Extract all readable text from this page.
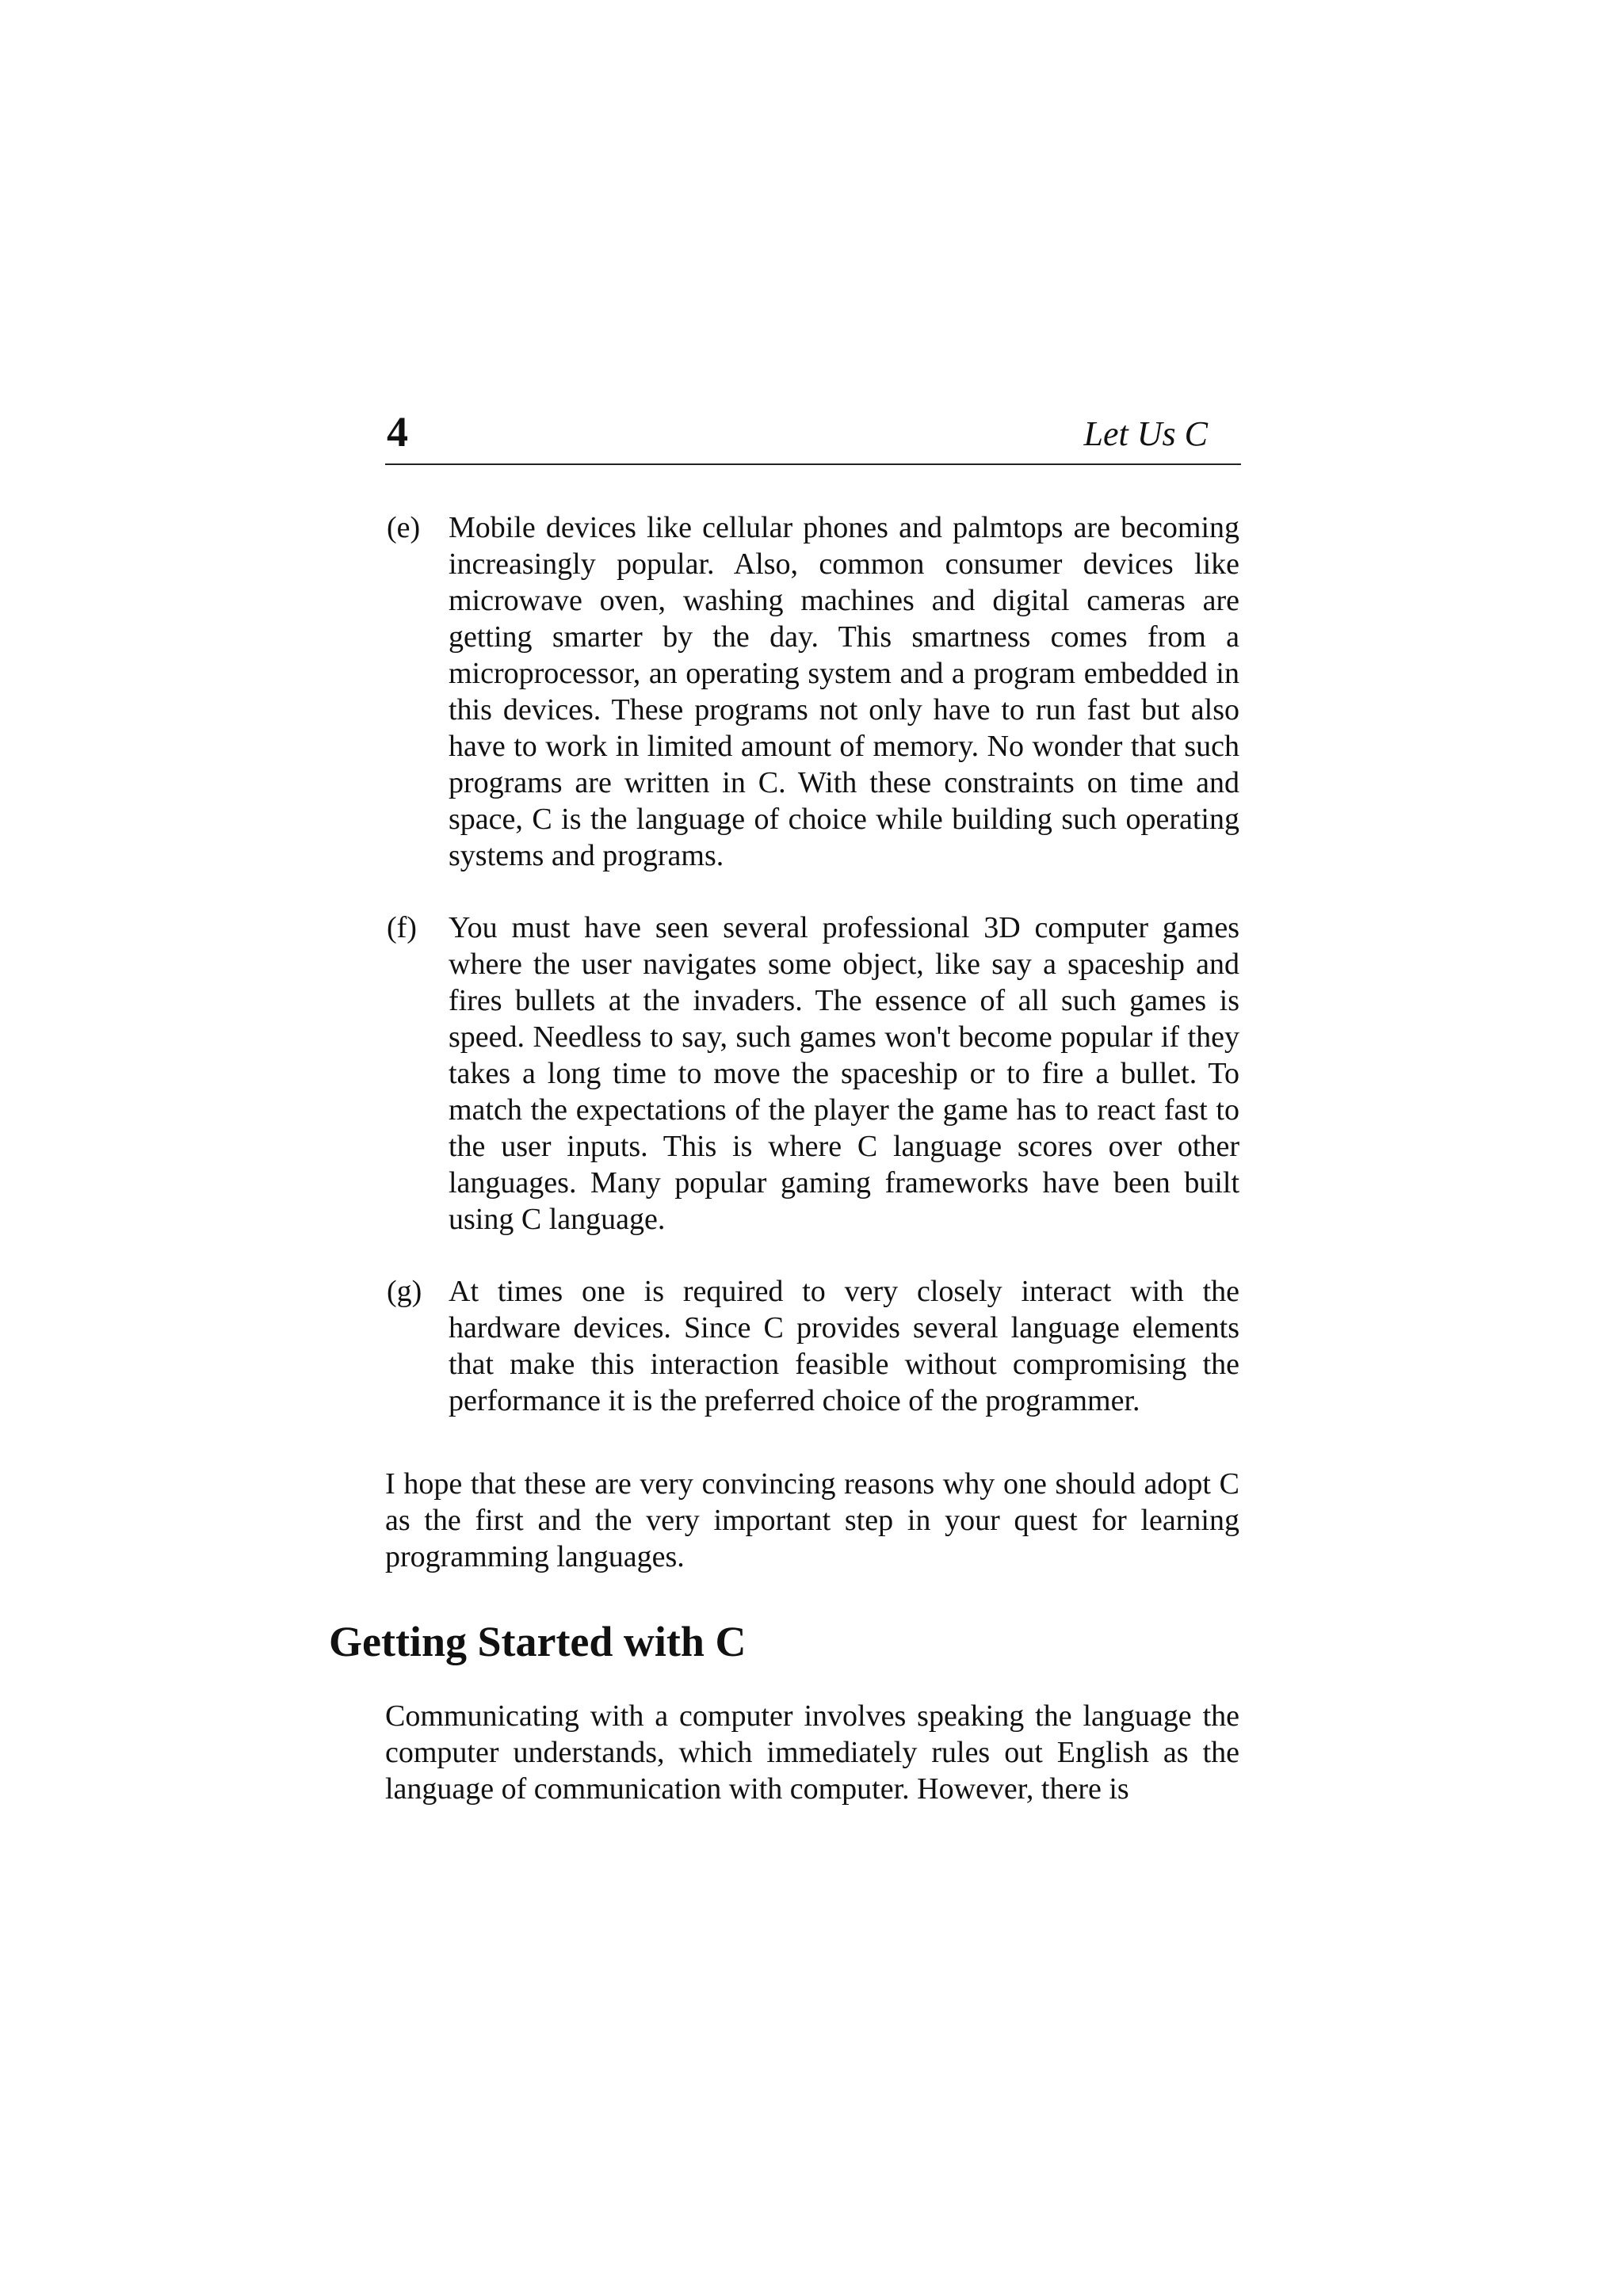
4	Let Us C
(e) Mobile devices like cellular phones and palmtops are becoming increasingly popular. Also, common consumer devices like microwave oven, washing machines and digital cameras are getting smarter by the day. This smartness comes from a microprocessor, an operating system and a program embedded in this devices. These programs not only have to run fast but also have to work in limited amount of memory. No wonder that such programs are written in C. With these constraints on time and space, C is the language of choice while building such operating systems and programs.

(f) You must have seen several professional 3D computer games where the user navigates some object, like say a spaceship and fires bullets at the invaders. The essence of all such games is speed. Needless to say, such games won't become popular if they takes a long time to move the spaceship or to fire a bullet. To match the expectations of the player the game has to react fast to the user inputs. This is where C language scores over other languages. Many popular gaming frameworks have been built using C language.

(g) At times one is required to very closely interact with the hardware devices. Since C provides several language elements that make this interaction feasible without compromising the performance it is the preferred choice of the programmer.

I hope that these are very convincing reasons why one should adopt C as the first and the very important step in your quest for learning programming languages.

Getting Started with C

Communicating with a computer involves speaking the language the computer understands, which immediately rules out English as the language of communication with computer. However, there is
